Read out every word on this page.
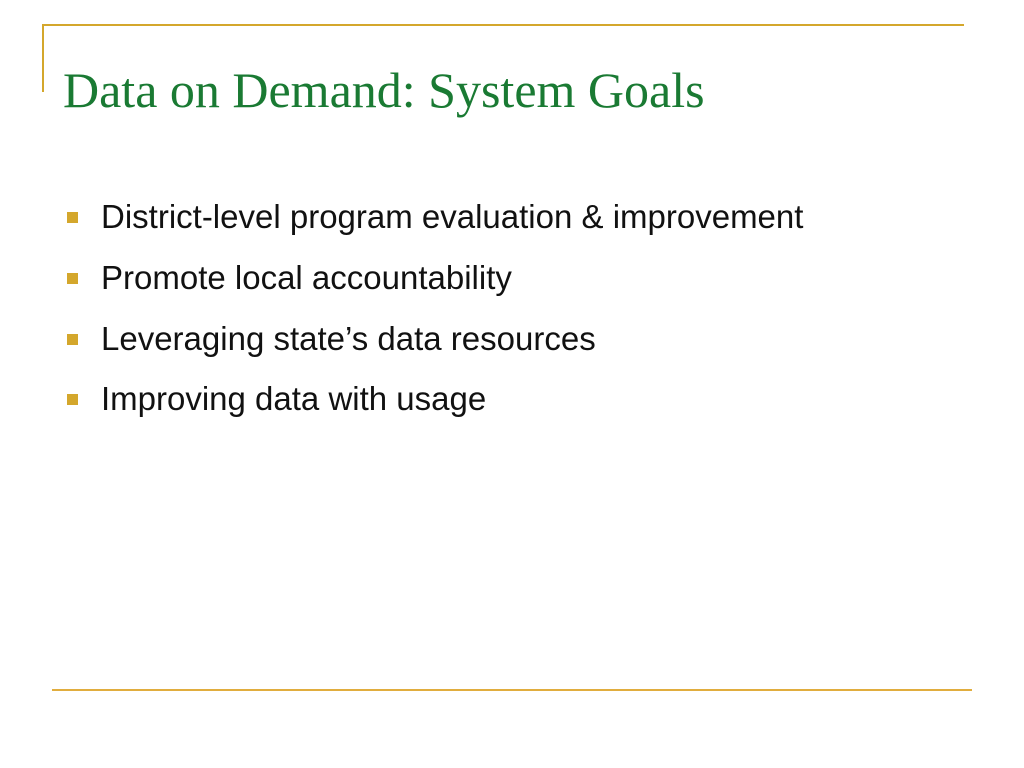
Data on Demand: System Goals
District-level program evaluation & improvement
Promote local accountability
Leveraging state’s data resources
Improving data with usage
